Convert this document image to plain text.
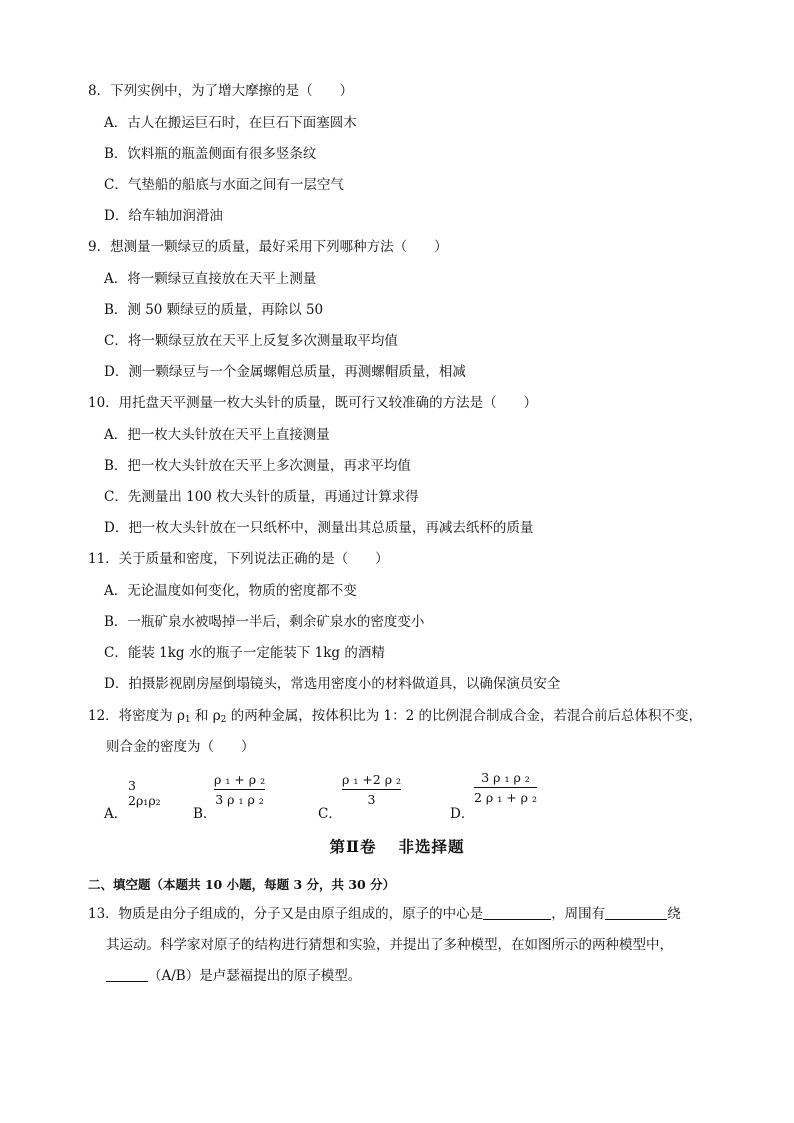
8．下列实例中，为了增大摩擦的是（　　）
A．古人在搬运巨石时，在巨石下面塞圆木
B．饮料瓶的瓶盖侧面有很多竖条纹
C．气垫船的船底与水面之间有一层空气
D．给车轴加润滑油
9．想测量一颗绿豆的质量，最好采用下列哪种方法（　　）
A．将一颗绿豆直接放在天平上测量
B．测 50 颗绿豆的质量，再除以 50
C．将一颗绿豆放在天平上反复多次测量取平均值
D．测一颗绿豆与一个金属螺帽总质量，再测螺帽质量，相减
10．用托盘天平测量一枚大头针的质量，既可行又较准确的方法是（　　）
A．把一枚大头针放在天平上直接测量
B．把一枚大头针放在天平上多次测量，再求平均值
C．先测量出 100 枚大头针的质量，再通过计算求得
D．把一枚大头针放在一只纸杯中，测量出其总质量，再减去纸杯的质量
11．关于质量和密度，下列说法正确的是（　　）
A．无论温度如何变化，物质的密度都不变
B．一瓶矿泉水被喝掉一半后，剩余矿泉水的密度变小
C．能装 1kg 水的瓶子一定能装下 1kg 的酒精
D．拍摄影视剧房屋倒塌镜头，常选用密度小的材料做道具，以确保演员安全
12．将密度为 $\rho_1$ 和 $\rho_2$ 的两种金属，按体积比为 1：2 的比例混合制成合金，若混合前后总体积不变，
则合金的密度为（　　）
A．
3
2ρ₁ρ₂
B．
ρ ₁ + ρ ₂
3 ρ ₁ ρ ₂
C．
ρ ₁ +2 ρ ₂
3
D．
3 ρ ₁ ρ ₂
2 ρ ₁ + ρ ₂
第Ⅱ卷 非选择题
二、填空题（本题共 10 小题，每题 3 分，共 30 分）
13．物质是由分子组成的，分子又是由原子组成的，原子的中心是	，周围有	绕
其运动。科学家对原子的结构进行猜想和实验，并提出了多种模型，在如图所示的两种模型中，
（A/B）是卢瑟福提出的原子模型。
